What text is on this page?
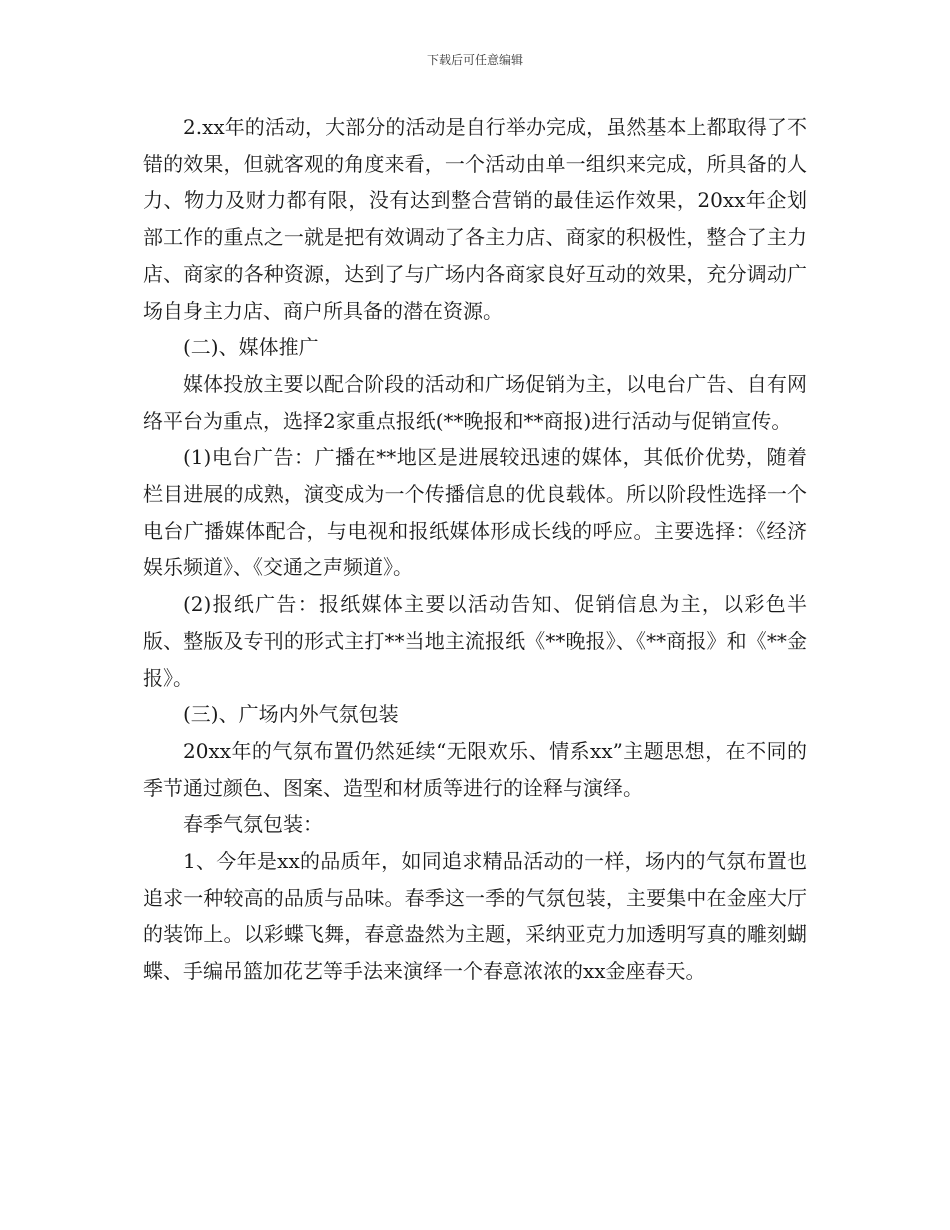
下载后可任意编辑

2.xx年的活动，大部分的活动是自行举办完成，虽然基本上都取得了不错的效果，但就客观的角度来看，一个活动由单一组织来完成，所具备的人力、物力及财力都有限，没有达到整合营销的最佳运作效果，20xx年企划部工作的重点之一就是把有效调动了各主力店、商家的积极性，整合了主力店、商家的各种资源，达到了与广场内各商家良好互动的效果，充分调动广场自身主力店、商户所具备的潜在资源。

(二)、媒体推广

媒体投放主要以配合阶段的活动和广场促销为主，以电台广告、自有网络平台为重点，选择2家重点报纸(**晚报和**商报)进行活动与促销宣传。

(1)电台广告：广播在**地区是进展较迅速的媒体，其低价优势，随着栏目进展的成熟，演变成为一个传播信息的优良载体。所以阶段性选择一个电台广播媒体配合，与电视和报纸媒体形成长线的呼应。主要选择：《经济娱乐频道》、《交通之声频道》。

(2)报纸广告：报纸媒体主要以活动告知、促销信息为主，以彩色半版、整版及专刊的形式主打**当地主流报纸《**晚报》、《**商报》和《**金报》。

(三)、广场内外气氛包装

20xx年的气氛布置仍然延续“无限欢乐、情系xx”主题思想，在不同的季节通过颜色、图案、造型和材质等进行的诠释与演绎。

春季气氛包装：

1、今年是xx的品质年，如同追求精品活动的一样，场内的气氛布置也追求一种较高的品质与品味。春季这一季的气氛包装，主要集中在金座大厅的装饰上。以彩蝶飞舞，春意盎然为主题，采纳亚克力加透明写真的雕刻蝴蝶、手编吊篮加花艺等手法来演绎一个春意浓浓的xx金座春天。
